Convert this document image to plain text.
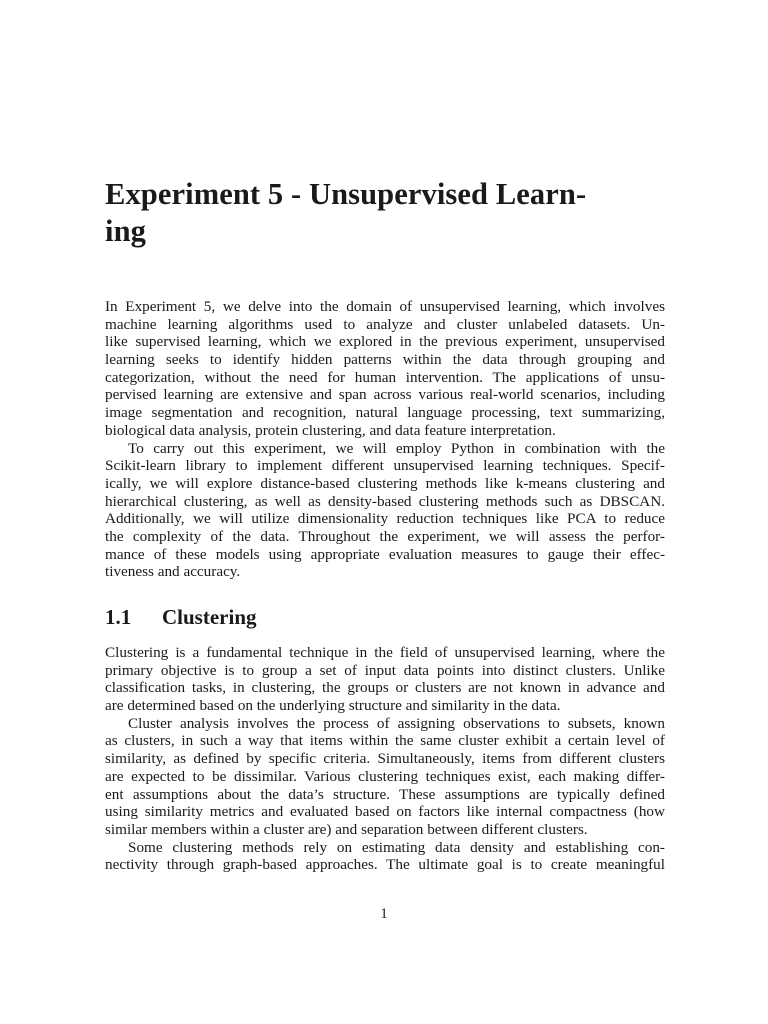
Experiment 5 - Unsupervised Learn-
ing
In Experiment 5, we delve into the domain of unsupervised learning, which involves
machine learning algorithms used to analyze and cluster unlabeled datasets. Un-
like supervised learning, which we explored in the previous experiment, unsupervised
learning seeks to identify hidden patterns within the data through grouping and
categorization, without the need for human intervention. The applications of unsu-
pervised learning are extensive and span across various real-world scenarios, including
image segmentation and recognition, natural language processing, text summarizing,
biological data analysis, protein clustering, and data feature interpretation.
To carry out this experiment, we will employ Python in combination with the
Scikit-learn library to implement different unsupervised learning techniques. Specif-
ically, we will explore distance-based clustering methods like k-means clustering and
hierarchical clustering, as well as density-based clustering methods such as DBSCAN.
Additionally, we will utilize dimensionality reduction techniques like PCA to reduce
the complexity of the data. Throughout the experiment, we will assess the perfor-
mance of these models using appropriate evaluation measures to gauge their effec-
tiveness and accuracy.
1.1 Clustering
Clustering is a fundamental technique in the field of unsupervised learning, where the
primary objective is to group a set of input data points into distinct clusters. Unlike
classification tasks, in clustering, the groups or clusters are not known in advance and
are determined based on the underlying structure and similarity in the data.
Cluster analysis involves the process of assigning observations to subsets, known
as clusters, in such a way that items within the same cluster exhibit a certain level of
similarity, as defined by specific criteria. Simultaneously, items from different clusters
are expected to be dissimilar. Various clustering techniques exist, each making differ-
ent assumptions about the data’s structure. These assumptions are typically defined
using similarity metrics and evaluated based on factors like internal compactness (how
similar members within a cluster are) and separation between different clusters.
Some clustering methods rely on estimating data density and establishing con-
nectivity through graph-based approaches. The ultimate goal is to create meaningful
1
